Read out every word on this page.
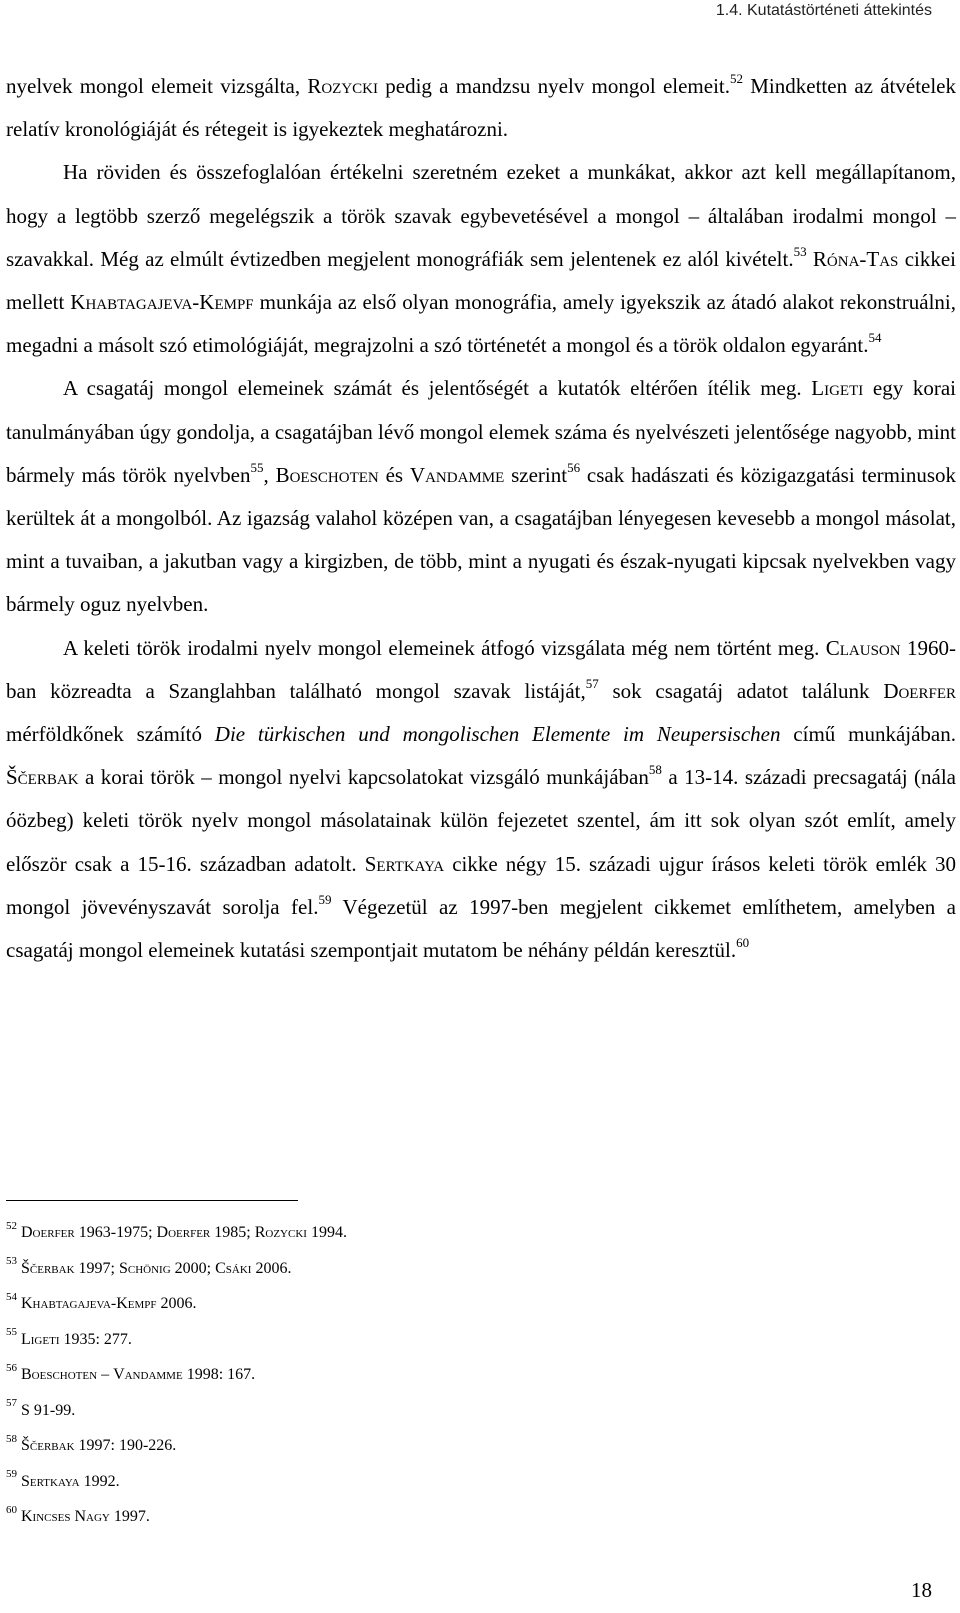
1.4. Kutatástörténeti áttekintés

nyelvek mongol elemeit vizsgálta, Rozycki pedig a mandzsu nyelv mongol elemeit.$^{52}$ Mindketten az átvételek relatív kronológiáját és rétegeit is igyekeztek meghatározni.

Ha röviden és összefoglalóan értékelni szeretném ezeket a munkákat, akkor azt kell megállapítanom, hogy a legtöbb szerző megelégszik a török szavak egybevetésével a mongol – általában irodalmi mongol – szavakkal. Még az elmúlt évtizedben megjelent monográfiák sem jelentenek ez alól kivételt.$^{53}$ Róna-Tas cikkei mellett Khabtagajeva-Kempf munkája az első olyan monográfia, amely igyekszik az átadó alakot rekonstruálni, megadni a másolt szó etimológiáját, megrajzolni a szó történetét a mongol és a török oldalon egyaránt.$^{54}$

A csagatáj mongol elemeinek számát és jelentőségét a kutatók eltérően ítélik meg. Ligeti egy korai tanulmányában úgy gondolja, a csagatájban lévő mongol elemek száma és nyelvészeti jelentősége nagyobb, mint bármely más török nyelvben$^{55}$, Boeschoten és Vandamme szerint$^{56}$ csak hadászati és közigazgatási terminusok kerültek át a mongolból. Az igazság valahol középen van, a csagatájban lényegesen kevesebb a mongol másolat, mint a tuvaiban, a jakutban vagy a kirgizben, de több, mint a nyugati és észak-nyugati kipcsak nyelvekben vagy bármely oguz nyelvben.

A keleti török irodalmi nyelv mongol elemeinek átfogó vizsgálata még nem történt meg. Clauson 1960-ban közreadta a Szanglahban található mongol szavak listáját,$^{57}$ sok csagatáj adatot találunk Doerfer mérföldkőnek számító Die türkischen und mongolischen Elemente im Neupersischen című munkájában. Ščerbak a korai török – mongol nyelvi kapcsolatokat vizsgáló munkájában$^{58}$ a 13-14. századi precsagatáj (nála óözbeg) keleti török nyelv mongol másolatainak külön fejezetet szentel, ám itt sok olyan szót említ, amely először csak a 15-16. században adatolt. Sertkaya cikke négy 15. századi ujgur írásos keleti török emlék 30 mongol jövevényszavát sorolja fel.$^{59}$ Végezetül az 1997-ben megjelent cikkemet említhetem, amelyben a csagatáj mongol elemeinek kutatási szempontjait mutatom be néhány példán keresztül.$^{60}$

$^{52}$ Doerfer 1963-1975; Doerfer 1985; Rozycki 1994.

$^{53}$ Ščerbak 1997; Schönig 2000; Csáki 2006.

$^{54}$ Khabtagajeva-Kempf 2006.

$^{55}$ Ligeti 1935: 277.

$^{56}$ Boeschoten – Vandamme 1998: 167.

$^{57}$ S 91-99.

$^{58}$ Ščerbak 1997: 190-226.

$^{59}$ Sertkaya 1992.

$^{60}$ Kincses Nagy 1997.

18
